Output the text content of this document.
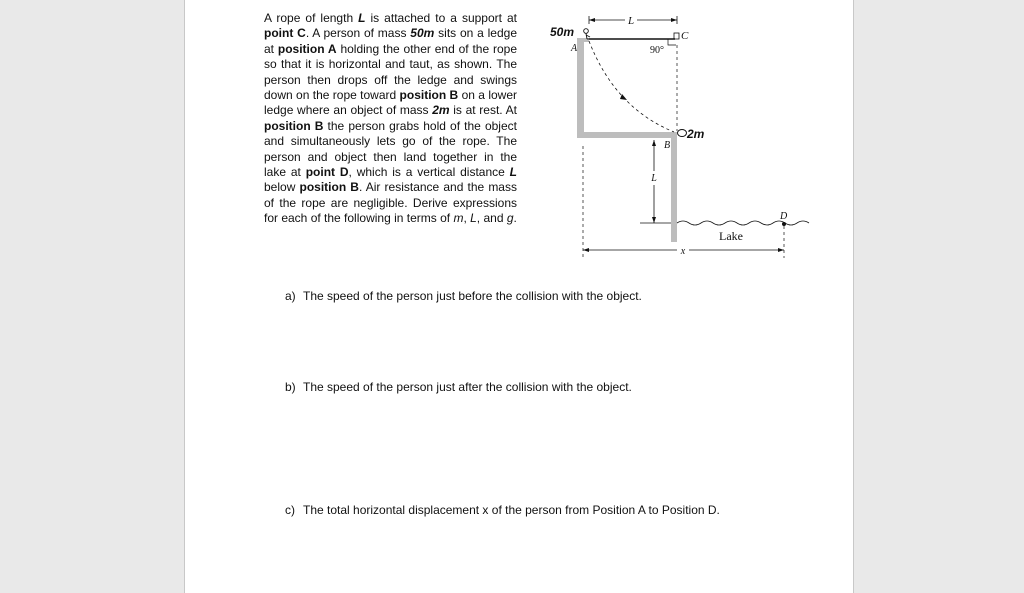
A rope of length L is attached to a support at point C. A person of mass 50m sits on a ledge at position A holding the other end of the rope so that it is horizontal and taut, as shown. The person then drops off the ledge and swings down on the rope toward position B on a lower ledge where an object of mass 2m is at rest. At position B the person grabs hold of the object and simultaneously lets go of the rope. The person and object then land together in the lake at point D, which is a vertical distance L below position B. Air resistance and the mass of the rope are negligible. Derive expressions for each of the following in terms of m, L, and g.

L
50m	C
A	90°
2m
B
L
D
Lake
x
a) The speed of the person just before the collision with the object.
b) The speed of the person just after the collision with the object.
c) The total horizontal displacement x of the person from Position A to Position D.
